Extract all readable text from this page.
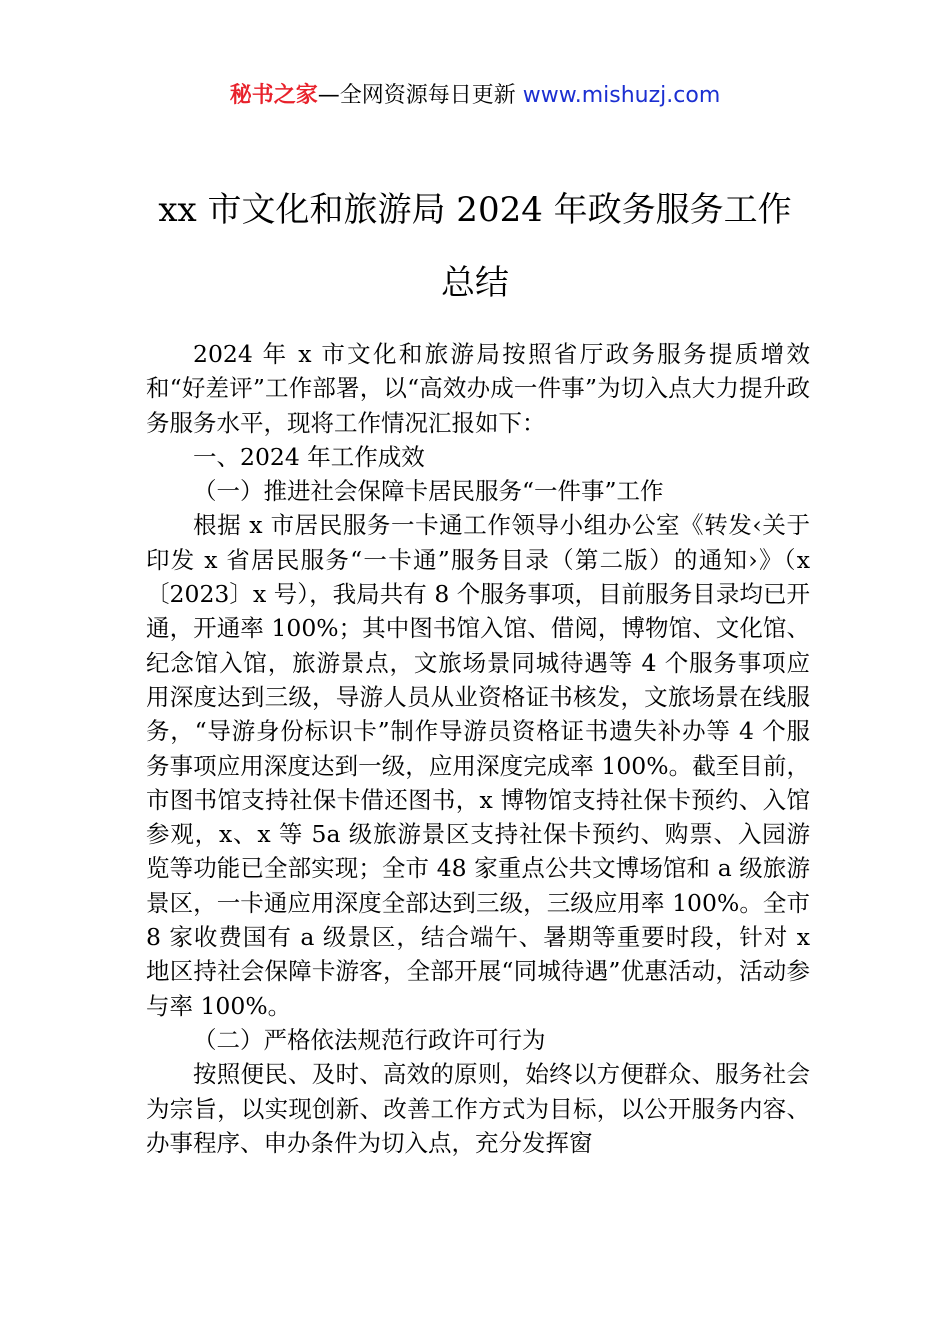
秘书之家—全网资源每日更新 www.mishuzj.com
xx 市文化和旅游局 2024 年政务服务工作
总结

2024 年 x 市文化和旅游局按照省厅政务服务提质增效和“好差评”工作部署，以“高效办成一件事”为切入点大力提升政务服务水平，现将工作情况汇报如下：

一、2024 年工作成效

（一）推进社会保障卡居民服务“一件事”工作

根据 x 市居民服务一卡通工作领导小组办公室《转发‹关于印发 x 省居民服务“一卡通”服务目录（第二版）的通知›》（x〔2023〕x 号），我局共有 8 个服务事项，目前服务目录均已开通，开通率 100%；其中图书馆入馆、借阅，博物馆、文化馆、纪念馆入馆，旅游景点，文旅场景同城待遇等 4 个服务事项应用深度达到三级，导游人员从业资格证书核发，文旅场景在线服务，“导游身份标识卡”制作导游员资格证书遗失补办等 4 个服务事项应用深度达到一级，应用深度完成率 100%。截至目前，市图书馆支持社保卡借还图书，x 博物馆支持社保卡预约、入馆参观，x、x 等 5a 级旅游景区支持社保卡预约、购票、入园游览等功能已全部实现；全市 48 家重点公共文博场馆和 a 级旅游景区，一卡通应用深度全部达到三级，三级应用率 100%。全市 8 家收费国有 a 级景区，结合端午、暑期等重要时段，针对 x 地区持社会保障卡游客，全部开展“同城待遇”优惠活动，活动参与率 100%。

（二）严格依法规范行政许可行为

按照便民、及时、高效的原则，始终以方便群众、服务社会为宗旨，以实现创新、改善工作方式为目标，以公开服务内容、办事程序、申办条件为切入点，充分发挥窗
